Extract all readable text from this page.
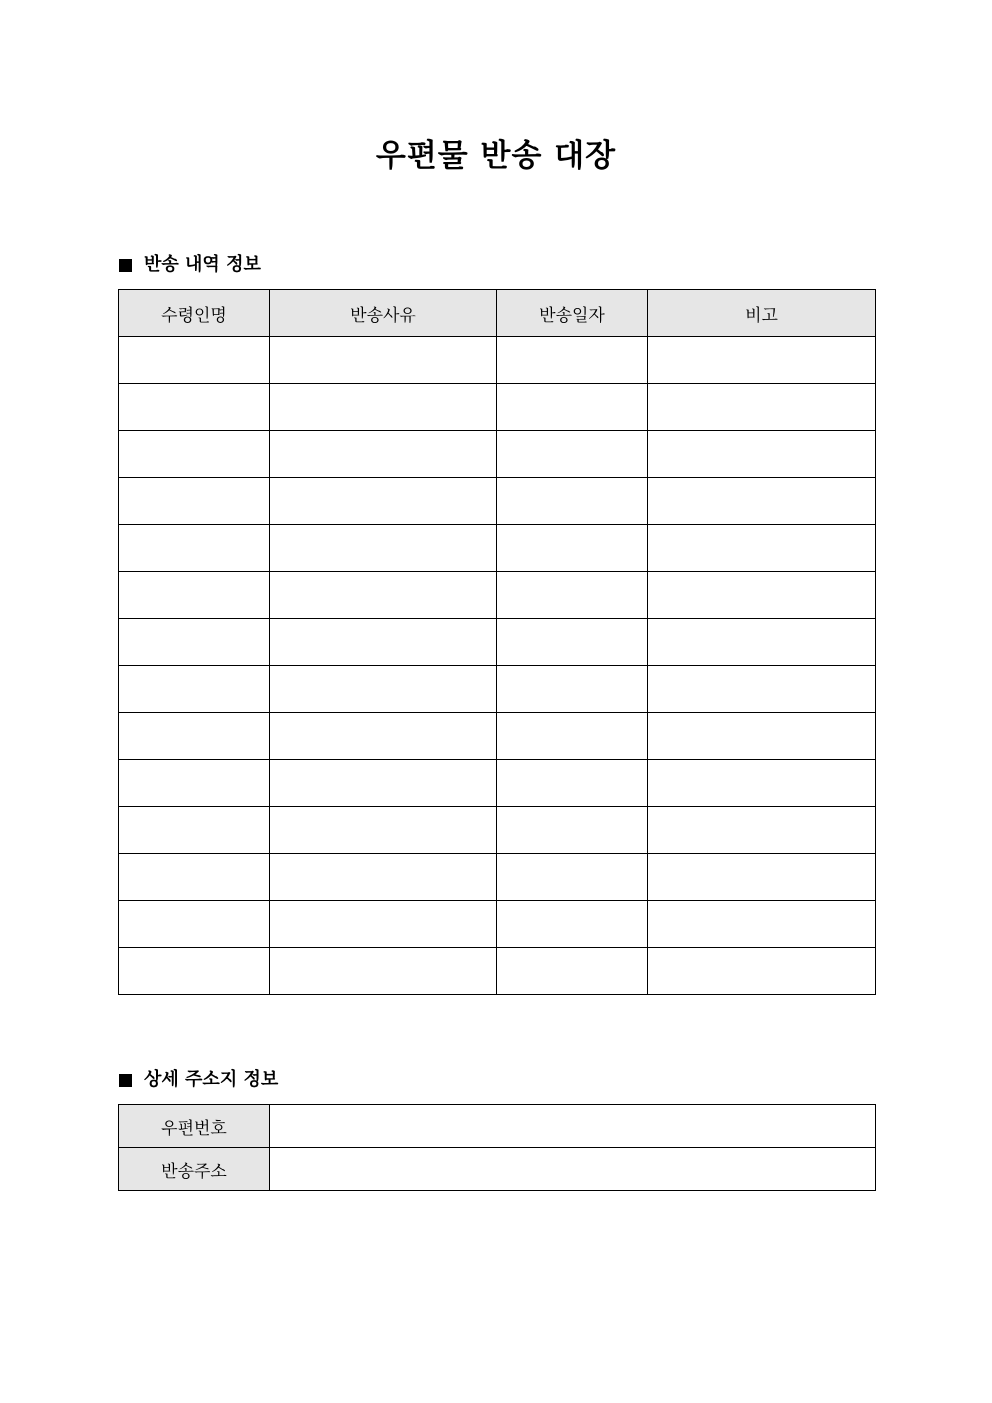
우편물 반송 대장
반송 내역 정보
수령인명	반송사유	반송일자	비고

상세 주소지 정보
우편번호	
반송주소	
